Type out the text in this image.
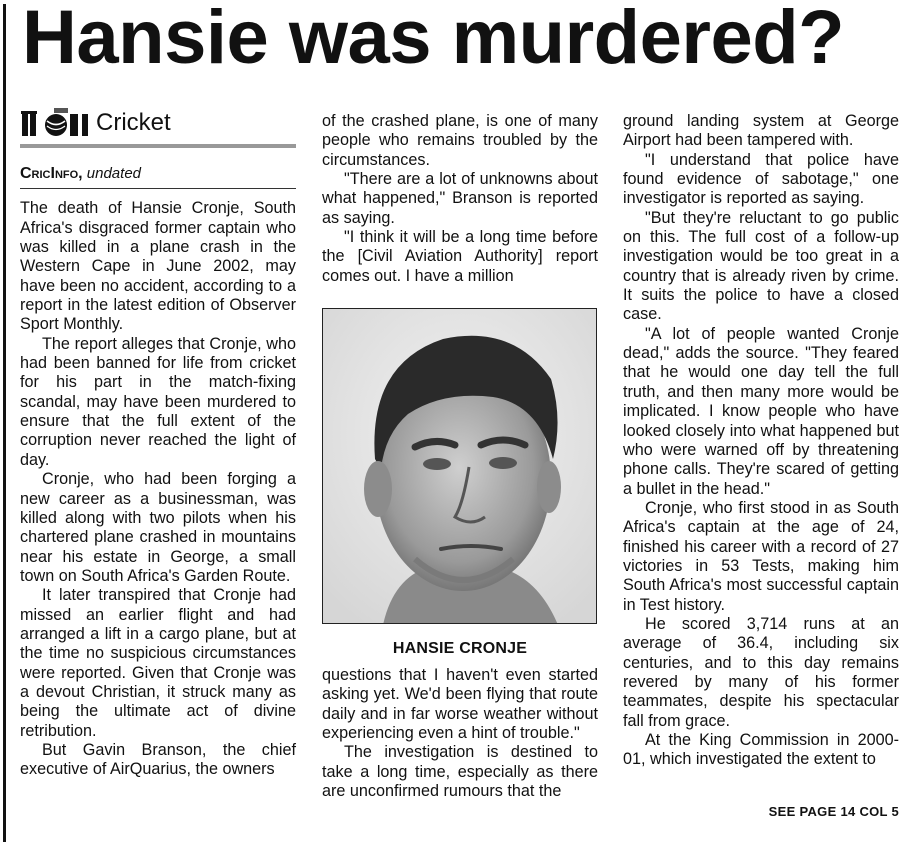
Hansie was murdered?
Cricket
CricInfo, undated

The death of Hansie Cronje, South Africa's disgraced former captain who was killed in a plane crash in the Western Cape in June 2002, may have been no accident, according to a report in the latest edition of Observer Sport Monthly.

The report alleges that Cronje, who had been banned for life from cricket for his part in the match-fixing scandal, may have been murdered to ensure that the full extent of the corruption never reached the light of day.

Cronje, who had been forging a new career as a businessman, was killed along with two pilots when his chartered plane crashed in mountains near his estate in George, a small town on South Africa's Garden Route.

It later transpired that Cronje had missed an earlier flight and had arranged a lift in a cargo plane, but at the time no suspicious circumstances were reported. Given that Cronje was a devout Christian, it struck many as being the ultimate act of divine retribution.

But Gavin Branson, the chief executive of AirQuarius, the owners

of the crashed plane, is one of many people who remains troubled by the circumstances.

"There are a lot of unknowns about what happened," Branson is reported as saying.

"I think it will be a long time before the [Civil Aviation Authority] report comes out. I have a million

HANSIE CRONJE

questions that I haven't even started asking yet. We'd been flying that route daily and in far worse weather without experiencing even a hint of trouble."

The investigation is destined to take a long time, especially as there are unconfirmed rumours that the

ground landing system at George Airport had been tampered with.

"I understand that police have found evidence of sabotage," one investigator is reported as saying.

"But they're reluctant to go public on this. The full cost of a follow-up investigation would be too great in a country that is already riven by crime. It suits the police to have a closed case.

"A lot of people wanted Cronje dead," adds the source. "They feared that he would one day tell the full truth, and then many more would be implicated. I know people who have looked closely into what happened but who were warned off by threatening phone calls. They're scared of getting a bullet in the head."

Cronje, who first stood in as South Africa's captain at the age of 24, finished his career with a record of 27 victories in 53 Tests, making him South Africa's most successful captain in Test history.

He scored 3,714 runs at an average of 36.4, including six centuries, and to this day remains revered by many of his former teammates, despite his spectacular fall from grace.

At the King Commission in 2000-01, which investigated the extent to

SEE PAGE 14 COL 5
